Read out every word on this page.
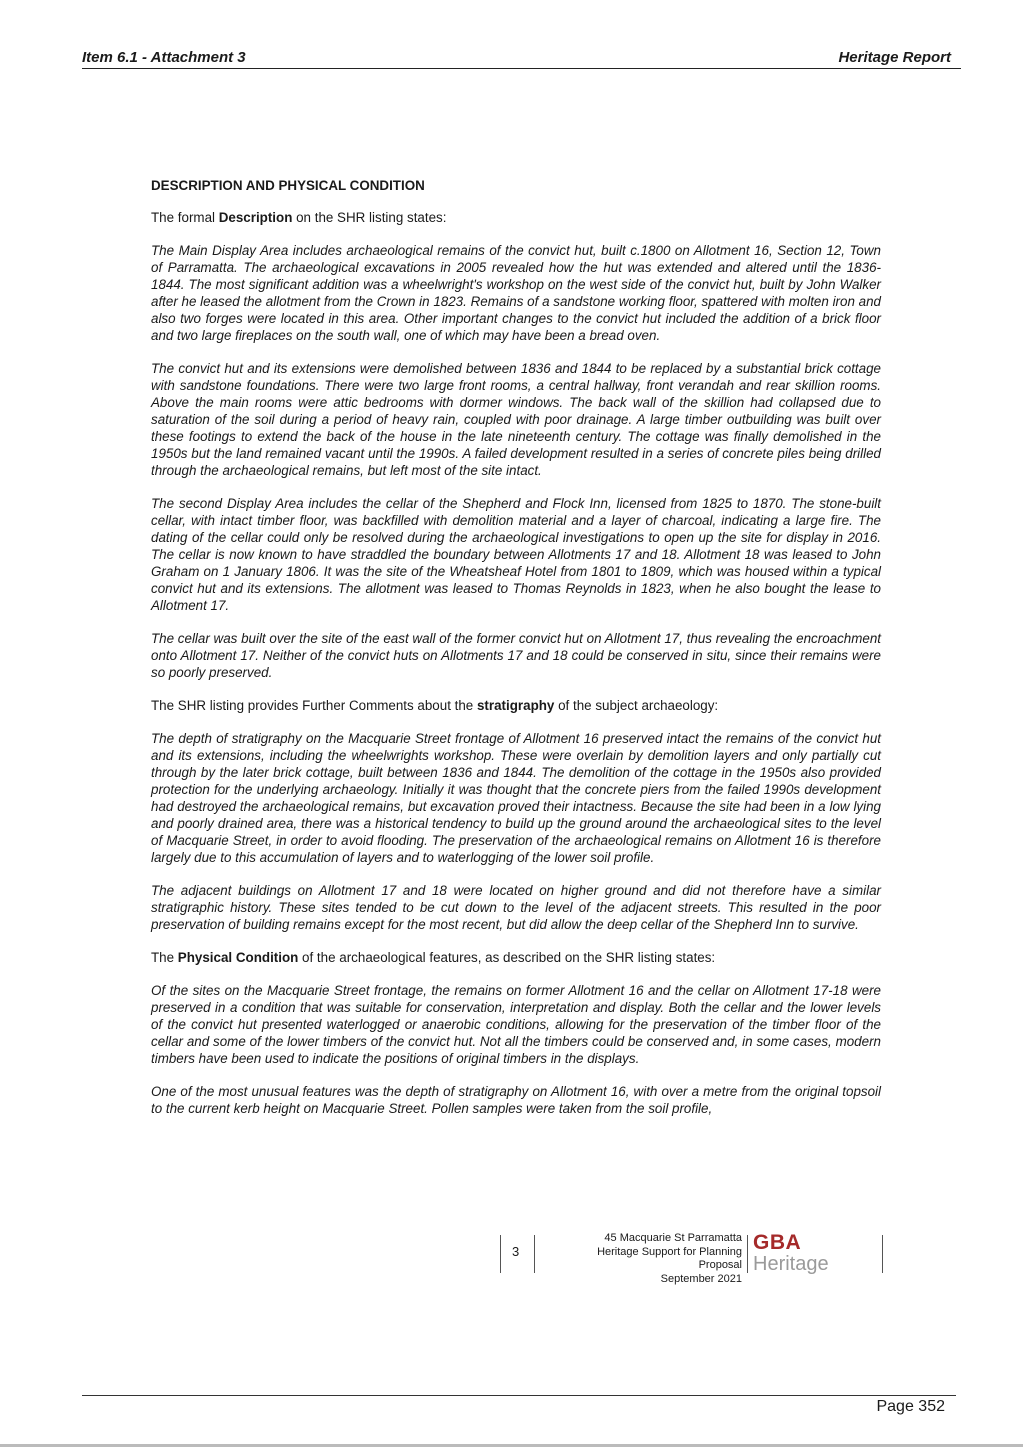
Item 6.1 - Attachment 3	Heritage Report
DESCRIPTION AND PHYSICAL CONDITION

The formal Description on the SHR listing states:

The Main Display Area includes archaeological remains of the convict hut, built c.1800 on Allotment 16, Section 12, Town of Parramatta. The archaeological excavations in 2005 revealed how the hut was extended and altered until the 1836-1844. The most significant addition was a wheelwright's workshop on the west side of the convict hut, built by John Walker after he leased the allotment from the Crown in 1823. Remains of a sandstone working floor, spattered with molten iron and also two forges were located in this area. Other important changes to the convict hut included the addition of a brick floor and two large fireplaces on the south wall, one of which may have been a bread oven.

The convict hut and its extensions were demolished between 1836 and 1844 to be replaced by a substantial brick cottage with sandstone foundations. There were two large front rooms, a central hallway, front verandah and rear skillion rooms. Above the main rooms were attic bedrooms with dormer windows. The back wall of the skillion had collapsed due to saturation of the soil during a period of heavy rain, coupled with poor drainage. A large timber outbuilding was built over these footings to extend the back of the house in the late nineteenth century. The cottage was finally demolished in the 1950s but the land remained vacant until the 1990s. A failed development resulted in a series of concrete piles being drilled through the archaeological remains, but left most of the site intact.

The second Display Area includes the cellar of the Shepherd and Flock Inn, licensed from 1825 to 1870. The stone-built cellar, with intact timber floor, was backfilled with demolition material and a layer of charcoal, indicating a large fire. The dating of the cellar could only be resolved during the archaeological investigations to open up the site for display in 2016. The cellar is now known to have straddled the boundary between Allotments 17 and 18. Allotment 18 was leased to John Graham on 1 January 1806. It was the site of the Wheatsheaf Hotel from 1801 to 1809, which was housed within a typical convict hut and its extensions. The allotment was leased to Thomas Reynolds in 1823, when he also bought the lease to Allotment 17.

The cellar was built over the site of the east wall of the former convict hut on Allotment 17, thus revealing the encroachment onto Allotment 17. Neither of the convict huts on Allotments 17 and 18 could be conserved in situ, since their remains were so poorly preserved.

The SHR listing provides Further Comments about the stratigraphy of the subject archaeology:

The depth of stratigraphy on the Macquarie Street frontage of Allotment 16 preserved intact the remains of the convict hut and its extensions, including the wheelwrights workshop. These were overlain by demolition layers and only partially cut through by the later brick cottage, built between 1836 and 1844. The demolition of the cottage in the 1950s also provided protection for the underlying archaeology. Initially it was thought that the concrete piers from the failed 1990s development had destroyed the archaeological remains, but excavation proved their intactness. Because the site had been in a low lying and poorly drained area, there was a historical tendency to build up the ground around the archaeological sites to the level of Macquarie Street, in order to avoid flooding. The preservation of the archaeological remains on Allotment 16 is therefore largely due to this accumulation of layers and to waterlogging of the lower soil profile.

The adjacent buildings on Allotment 17 and 18 were located on higher ground and did not therefore have a similar stratigraphic history. These sites tended to be cut down to the level of the adjacent streets. This resulted in the poor preservation of building remains except for the most recent, but did allow the deep cellar of the Shepherd Inn to survive.

The Physical Condition of the archaeological features, as described on the SHR listing states:

Of the sites on the Macquarie Street frontage, the remains on former Allotment 16 and the cellar on Allotment 17-18 were preserved in a condition that was suitable for conservation, interpretation and display. Both the cellar and the lower levels of the convict hut presented waterlogged or anaerobic conditions, allowing for the preservation of the timber floor of the cellar and some of the lower timbers of the convict hut. Not all the timbers could be conserved and, in some cases, modern timbers have been used to indicate the positions of original timbers in the displays.

One of the most unusual features was the depth of stratigraphy on Allotment 16, with over a metre from the original topsoil to the current kerb height on Macquarie Street. Pollen samples were taken from the soil profile,

3
45 Macquarie St Parramatta
Heritage Support for Planning
Proposal
September 2021
GBA
Heritage
Page 352
